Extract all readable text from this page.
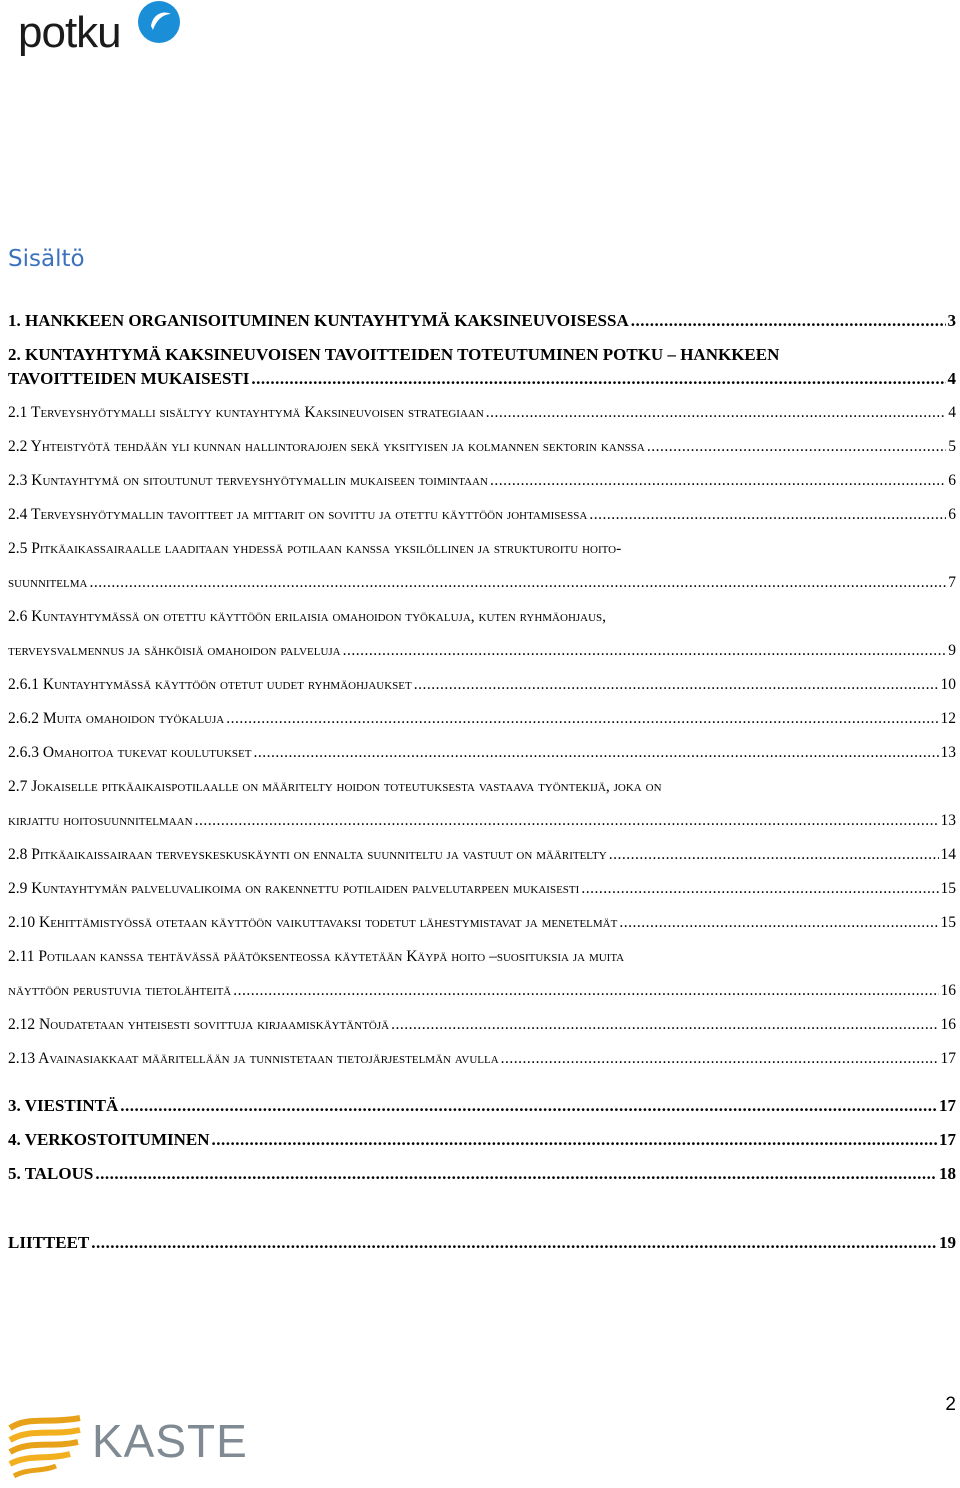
potku
Sisältö
1. HANKKEEN ORGANISOITUMINEN KUNTAYHTYMÄ KAKSINEUVOISESSA .....	3
2. KUNTAYHTYMÄ KAKSINEUVOISEN TAVOITTEIDEN TOTEUTUMINEN POTKU – HANKKEEN
TAVOITTEIDEN MUKAISESTI .....	4
2.1 Terveyshyötymalli sisältyy kuntayhtymä Kaksineuvoisen strategiaan .....	4
2.2 Yhteistyötä tehdään yli kunnan hallintorajojen sekä yksityisen ja kolmannen sektorin kanssa .....	5
2.3 Kuntayhtymä on sitoutunut terveyshyötymallin mukaiseen toimintaan .....	6
2.4 Terveyshyötymallin tavoitteet ja mittarit on sovittu ja otettu käyttöön johtamisessa .....	6
2.5 Pitkäaikassairaalle laaditaan yhdessä potilaan kanssa yksilöllinen ja strukturoitu hoito-
suunnitelma .....	7
2.6 Kuntayhtymässä on otettu käyttöön erilaisia omahoidon työkaluja, kuten ryhmäohjaus,
terveysvalmennus ja sähköisiä omahoidon palveluja .....	9
2.6.1 Kuntayhtymässä käyttöön otetut uudet ryhmäohjaukset .....	10
2.6.2 Muita omahoidon työkaluja .....	12
2.6.3 Omahoitoa tukevat koulutukset .....	13
2.7 Jokaiselle pitkäaikaispotilaalle on määritelty hoidon toteutuksesta vastaava työntekijä, joka on
kirjattu hoitosuunnitelmaan .....	13
2.8 Pitkäaikaissairaan terveyskeskuskäynti on ennalta suunniteltu ja vastuut on määritelty .....	14
2.9 Kuntayhtymän palveluvalikoima on rakennettu potilaiden palvelutarpeen mukaisesti .....	15
2.10 Kehittämistyössä otetaan käyttöön vaikuttavaksi todetut lähestymistavat ja menetelmät .....	15
2.11 Potilaan kanssa tehtävässä päätöksenteossa käytetään Käypä hoito –suosituksia ja muita
näyttöön perustuvia tietolähteitä .....	16
2.12 Noudatetaan yhteisesti sovittuja kirjaamiskäytäntöjä .....	16
2.13 Avainasiakkaat määritellään ja tunnistetaan tietojärjestelmän avulla .....	17
3. VIESTINTÄ .....	17
4. VERKOSTOITUMINEN .....	17
5. TALOUS .....	18
LIITTEET .....	19
2
KASTE
